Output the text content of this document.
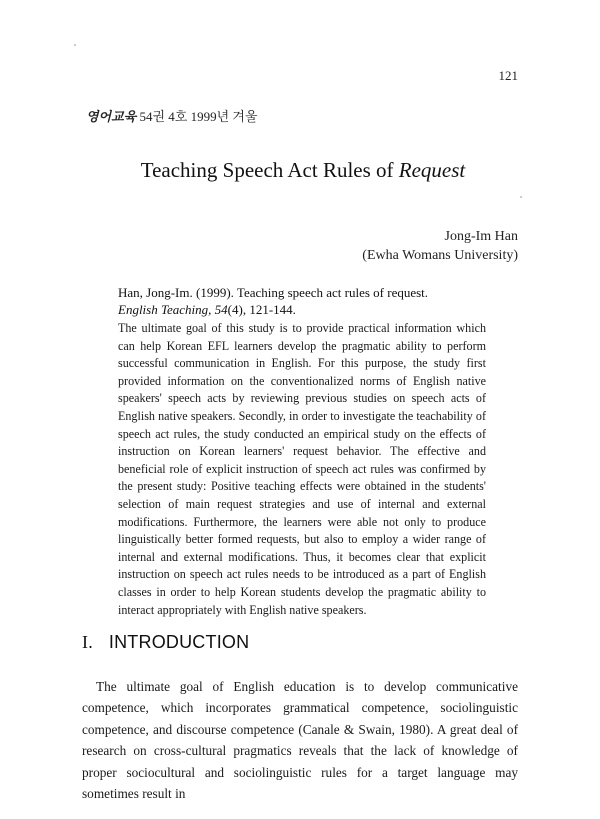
121
영어교육 54권 4호 1999년 겨울
Teaching Speech Act Rules of Request
Jong-Im Han
(Ewha Womans University)
Han, Jong-Im. (1999). Teaching speech act rules of request.
English Teaching, 54(4), 121-144.
The ultimate goal of this study is to provide practical information which can help Korean EFL learners develop the pragmatic ability to perform successful communication in English. For this purpose, the study first provided information on the conventionalized norms of English native speakers' speech acts by reviewing previous studies on speech acts of English native speakers. Secondly, in order to investigate the teachability of speech act rules, the study conducted an empirical study on the effects of instruction on Korean learners' request behavior. The effective and beneficial role of explicit instruction of speech act rules was confirmed by the present study: Positive teaching effects were obtained in the students' selection of main request strategies and use of internal and external modifications. Furthermore, the learners were able not only to produce linguistically better formed requests, but also to employ a wider range of internal and external modifications. Thus, it becomes clear that explicit instruction on speech act rules needs to be introduced as a part of English classes in order to help Korean students develop the pragmatic ability to interact appropriately with English native speakers.
I. INTRODUCTION
The ultimate goal of English education is to develop communicative competence, which incorporates grammatical competence, sociolinguistic competence, and discourse competence (Canale & Swain, 1980). A great deal of research on cross-cultural pragmatics reveals that the lack of knowledge of proper sociocultural and sociolinguistic rules for a target language may sometimes result in
